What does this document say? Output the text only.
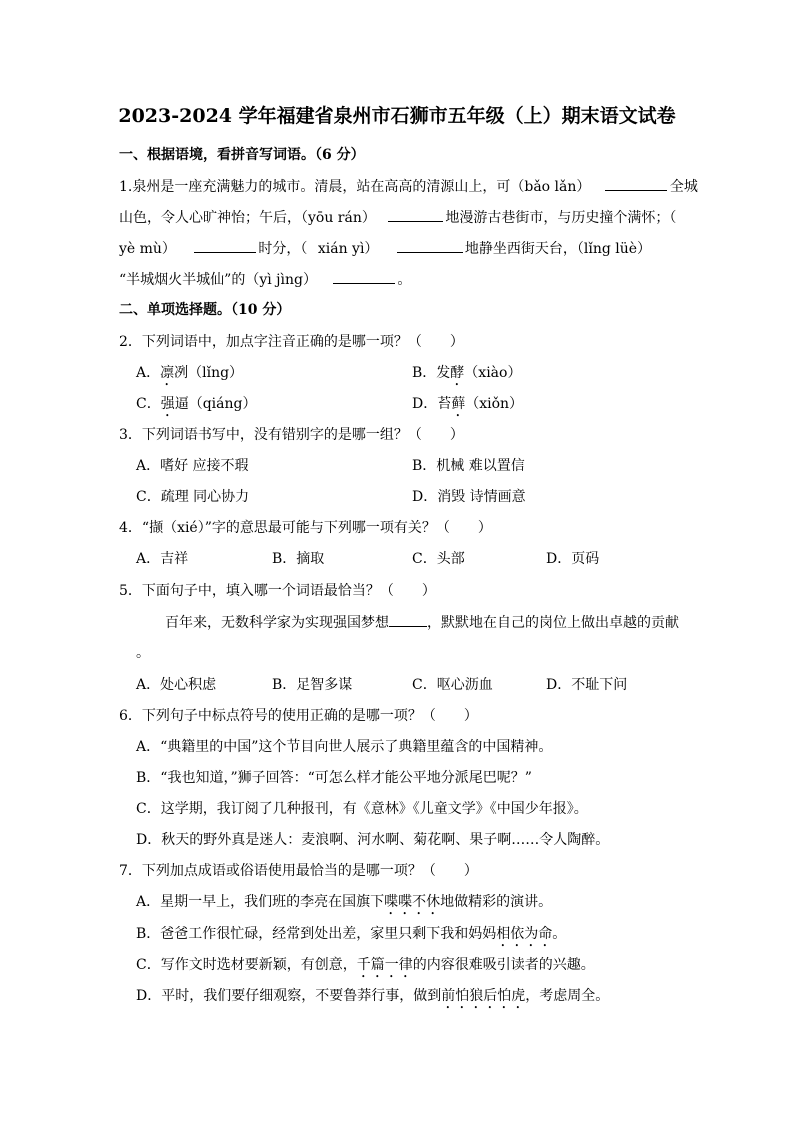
2023-2024 学年福建省泉州市石狮市五年级（上）期末语文试卷
一、根据语境，看拼音写词语。（6 分）
1.泉州是一座充满魅力的城市。清晨，站在高高的清源山上，可（bǎo lǎn）	全城
山色，令人心旷神怡；午后，（yōu rán）	地漫游古巷街市，与历史撞个满怀；（
yè mù）	时分，（ xián yì）	地静坐西街天台，（lǐng lüè）
“半城烟火半城仙”的（yì jìng）	。
二、单项选择题。（10 分）
2．下列词语中，加点字注音正确的是哪一项？（　　）
A．凛冽（lǐng）	B．发酵（xiào）
C．强逼（qiáng）	D．苔藓（xiǒn）
3．下列词语书写中，没有错别字的是哪一组？（　　）
A．嗜好 应接不瑕	B．机械 难以置信
C．疏理 同心协力	D．消毁 诗情画意
4．“撷（xié）”字的意思最可能与下列哪一项有关？（　　）
A．吉祥	B．摘取	C．头部	D．页码
5．下面句子中，填入哪一个词语最恰当？（　　）
百年来，无数科学家为实现强国梦想	，默默地在自己的岗位上做出卓越的贡献
。
A．处心积虑	B．足智多谋	C．呕心沥血	D．不耻下问
6．下列句子中标点符号的使用正确的是哪一项？（　　）
A．“典籍里的中国”这个节目向世人展示了典籍里蕴含的中国精神。
B．“我也知道，”狮子回答：“可怎么样才能公平地分派尾巴呢？”
C．这学期，我订阅了几种报刊，有《意林》《儿童文学》《中国少年报》。
D．秋天的野外真是迷人：麦浪啊、河水啊、菊花啊、果子啊……令人陶醉。
7．下列加点成语或俗语使用最恰当的是哪一项？（　　）
A．星期一早上，我们班的李亮在国旗下喋喋不休地做精彩的演讲。
B．爸爸工作很忙碌，经常到处出差，家里只剩下我和妈妈相依为命。
C．写作文时选材要新颖，有创意，千篇一律的内容很难吸引读者的兴趣。
D．平时，我们要仔细观察，不要鲁莽行事，做到前怕狼后怕虎，考虑周全。
